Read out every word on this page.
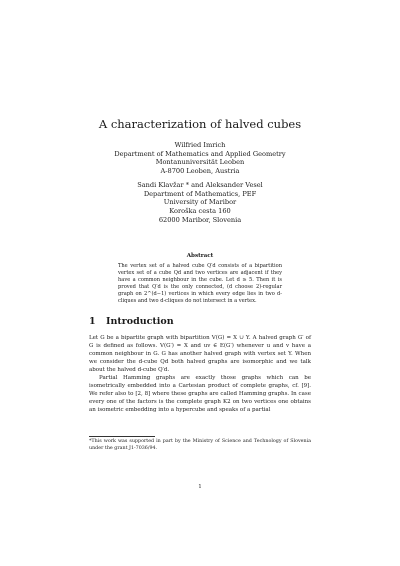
A characterization of halved cubes
Wilfried Imrich
Department of Mathematics and Applied Geometry
Montanuniversität Leoben
A-8700 Leoben, Austria
Sandi Klavžar * and Aleksander Vesel
Department of Mathematics, PEF
University of Maribor
Koroška cesta 160
62000 Maribor, Slovenia
Abstract
The vertex set of a halved cube Q′d consists of a bipartition vertex set of a cube Qd and two vertices are adjacent if they have a common neighbour in the cube. Let d ≥ 5. Then it is proved that Q′d is the only connected, (d choose 2)-regular graph on 2^(d−1) vertices in which every edge lies in two d-cliques and two d-cliques do not intersect in a vertex.
1 Introduction

Let G be a bipartite graph with bipartition V(G) = X ∪ Y. A halved graph G′ of G is defined as follows. V(G′) = X and uv ∈ E(G′) whenever u and v have a common neighbour in G. G has another halved graph with vertex set Y. When we consider the d-cube Qd both halved graphs are isomorphic and we talk about the halved d-cube Q′d.

Partial Hamming graphs are exactly those graphs which can be isometrically embedded into a Cartesian product of complete graphs, cf. [9]. We refer also to [2, 8] where these graphs are called Hamming graphs. In case every one of the factors is the complete graph K2 on two vertices one obtains an isometric embedding into a hypercube and speaks of a partial

*This work was supported in part by the Ministry of Science and Technology of Slovenia under the grant J1-7036/94.
1
